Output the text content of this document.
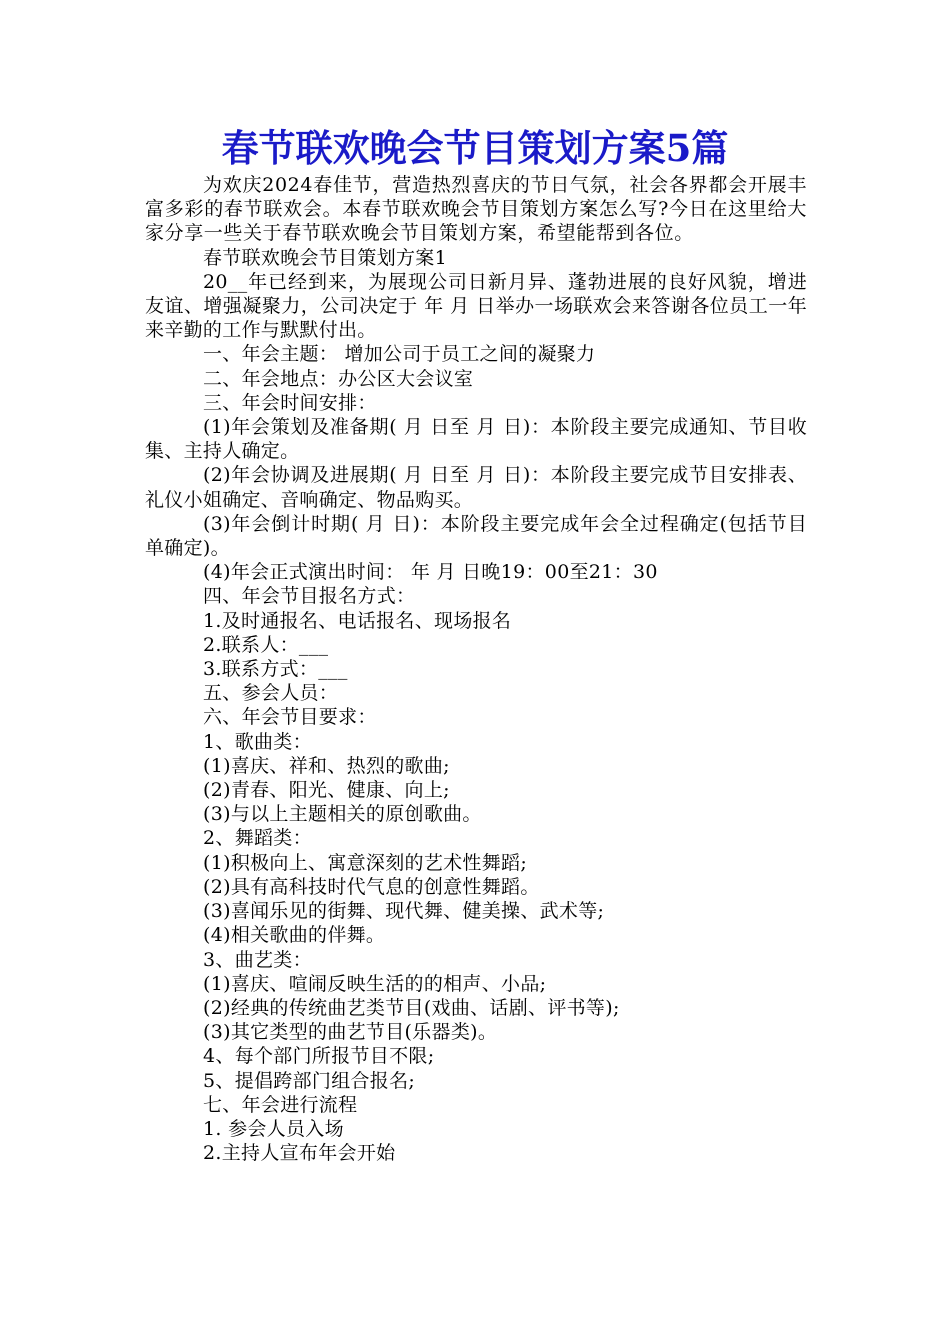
春节联欢晚会节目策划方案5篇

为欢庆2024春佳节，营造热烈喜庆的节日气氛，社会各界都会开展丰富多彩的春节联欢会。本春节联欢晚会节目策划方案怎么写?今日在这里给大家分享一些关于春节联欢晚会节目策划方案，希望能帮到各位。

春节联欢晚会节目策划方案1

20__年已经到来，为展现公司日新月异、蓬勃进展的良好风貌，增进友谊、增强凝聚力，公司决定于 年 月 日举办一场联欢会来答谢各位员工一年来辛勤的工作与默默付出。

一、年会主题： 增加公司于员工之间的凝聚力

二、年会地点：办公区大会议室

三、年会时间安排：

(1)年会策划及准备期( 月 日至 月 日)：本阶段主要完成通知、节目收集、主持人确定。

(2)年会协调及进展期( 月 日至 月 日)：本阶段主要完成节目安排表、礼仪小姐确定、音响确定、物品购买。

(3)年会倒计时期( 月 日)：本阶段主要完成年会全过程确定(包括节目单确定)。

(4)年会正式演出时间： 年 月 日晚19：00至21：30

四、年会节目报名方式：

1.及时通报名、电话报名、现场报名

2.联系人：___

3.联系方式：___

五、参会人员：

六、年会节目要求：

1、歌曲类：

(1)喜庆、祥和、热烈的歌曲;

(2)青春、阳光、健康、向上;

(3)与以上主题相关的原创歌曲。

2、舞蹈类：

(1)积极向上、寓意深刻的艺术性舞蹈;

(2)具有高科技时代气息的创意性舞蹈。

(3)喜闻乐见的街舞、现代舞、健美操、武术等;

(4)相关歌曲的伴舞。

3、曲艺类：

(1)喜庆、喧闹反映生活的的相声、小品;

(2)经典的传统曲艺类节目(戏曲、话剧、评书等);

(3)其它类型的曲艺节目(乐器类)。

4、每个部门所报节目不限;

5、提倡跨部门组合报名;

七、年会进行流程

1. 参会人员入场

2.主持人宣布年会开始
